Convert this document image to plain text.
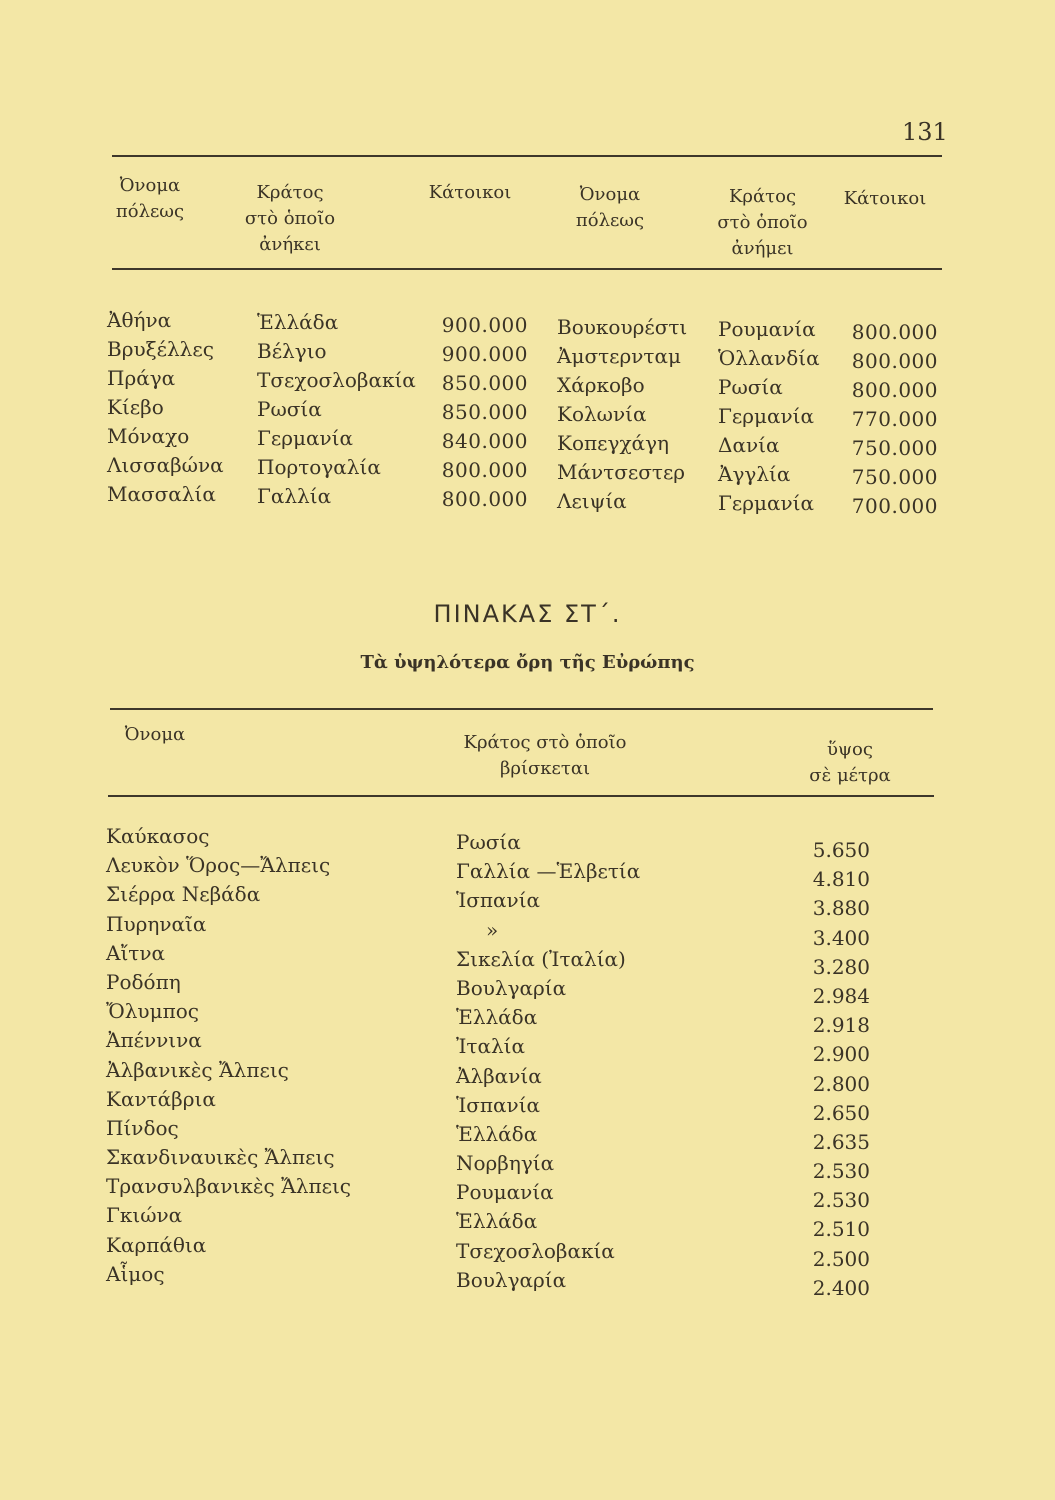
131
Ὀνομα
πόλεως
Κράτος
στὸ ὁποῖο
ἀνήκει
Κάτοικοι	Ὀνομα
πόλεως
Κράτος
στὸ ὁποῖο
ἀνήμει
Κάτοικοι
Ἀθήνα
Βρυξέλλες
Πράγα
Κίεβο
Μόναχο
Λισσαβώνα
Μασσαλία
Ἑλλάδα
Βέλγιο
Τσεχοσλοβακία
Ρωσία
Γερμανία
Πορτογαλία
Γαλλία
900.000
900.000
850.000
850.000
840.000
800.000
800.000
Βουκουρέστι
Ἀμστερνταμ
Χάρκοβο
Κολωνία
Κοπεγχάγη
Μάντσεστερ
Λειψία
Ρουμανία
Ὁλλανδία
Ρωσία
Γερμανία
Δανία
Ἀγγλία
Γερμανία
800.000
800.000
800.000
770.000
750.000
750.000
700.000
ΠΙΝΑΚΑΣ ΣΤ΄.
Τὰ ὑψηλότερα ὄρη τῆς Εὐρώπης
Ὀνομα	Κράτος στὸ ὁποῖο
βρίσκεται
ὕψος
σὲ μέτρα
Καύκασος
Λευκὸν Ὅρος—Ἄλπεις
Σιέρρα Νεβάδα
Πυρηναῖα
Αἴτνα
Ροδόπη
Ὄλυμπος
Ἀπέννινα
Ἀλβανικὲς Ἄλπεις
Καντάβρια
Πίνδος
Σκανδιναυικὲς Ἄλπεις
Τρανσυλβανικὲς Ἄλπεις
Γκιώνα
Καρπάθια
Αἷμος
Ρωσία
Γαλλία —Ἑλβετία
Ἱσπανία
»
Σικελία (Ἰταλία)
Βουλγαρία
Ἑλλάδα
Ἰταλία
Ἀλβανία
Ἱσπανία
Ἑλλάδα
Νορβηγία
Ρουμανία
Ἑλλάδα
Τσεχοσλοβακία
Βουλγαρία
5.650
4.810
3.880
3.400
3.280
2.984
2.918
2.900
2.800
2.650
2.635
2.530
2.530
2.510
2.500
2.400
